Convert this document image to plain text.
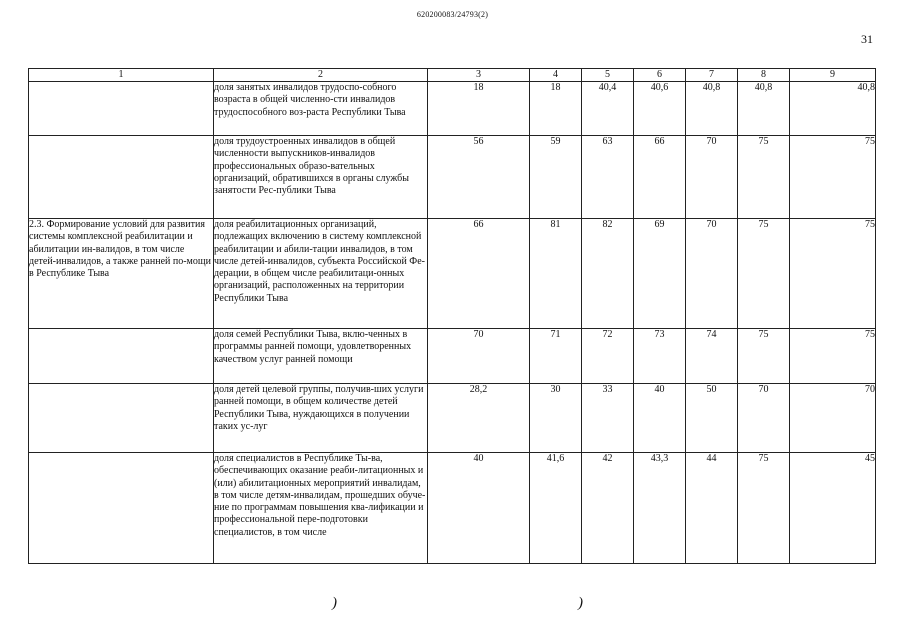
620200083/24793(2)
31
1	2	3	4	5	6	7	8	9
	доля занятых инвалидов трудоспо-собного возраста в общей численно-сти инвалидов трудоспособного воз-раста Республики Тыва	18	18	40,4	40,6	40,8	40,8	40,8
	доля трудоустроенных инвалидов в общей численности выпускников-инвалидов профессиональных образо-вательных организаций, обратившихся в органы службы занятости Рес-публики Тыва	56	59	63	66	70	75	75
2.3. Формирование условий для развития системы комплексной реабилитации и абилитации ин-валидов, в том числе детей-инвалидов, а также ранней по-мощи в Республике Тыва	доля реабилитационных организаций, подлежащих включению в систему комплексной реабилитации и абили-тации инвалидов, в том числе детей-инвалидов, субъекта Российской Фе-дерации, в общем числе реабилитаци-онных организаций, расположенных на территории Республики Тыва	66	81	82	69	70	75	75
	доля семей Республики Тыва, вклю-ченных в программы ранней помощи, удовлетворенных качеством услуг ранней помощи	70	71	72	73	74	75	75
	доля детей целевой группы, получив-ших услуги ранней помощи, в общем количестве детей Республики Тыва, нуждающихся в получении таких ус-луг	28,2	30	33	40	50	70	70
	доля специалистов в Республике Ты-ва, обеспечивающих оказание реаби-литационных и (или) абилитационных мероприятий инвалидам, в том числе детям-инвалидам, прошедших обуче-ние по программам повышения ква-лификации и профессиональной пере-подготовки специалистов, в том числе	40	41,6	42	43,3	44	75	45
)	)
